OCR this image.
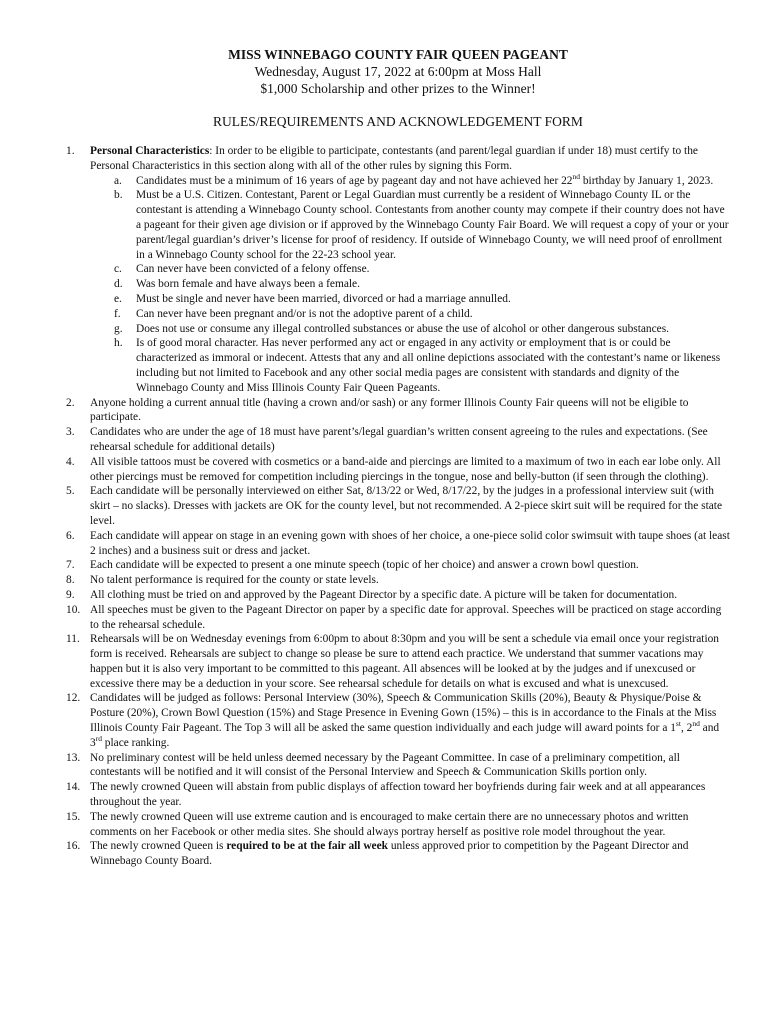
MISS WINNEBAGO COUNTY FAIR QUEEN PAGEANT

Wednesday, August 17, 2022 at 6:00pm at Moss Hall

$1,000 Scholarship and other prizes to the Winner!

RULES/REQUIREMENTS AND ACKNOWLEDGEMENT FORM

1. Personal Characteristics: In order to be eligible to participate, contestants (and parent/legal guardian if under 18) must certify to the Personal Characteristics in this section along with all of the other rules by signing this Form.
a. Candidates must be a minimum of 16 years of age by pageant day and not have achieved her 22nd birthday by January 1, 2023.
b. Must be a U.S. Citizen. Contestant, Parent or Legal Guardian must currently be a resident of Winnebago County IL or the contestant is attending a Winnebago County school. Contestants from another county may compete if their country does not have a pageant for their given age division or if approved by the Winnebago County Fair Board. We will request a copy of your or your parent/legal guardian’s driver’s license for proof of residency. If outside of Winnebago County, we will need proof of enrollment in a Winnebago County school for the 22-23 school year.
c. Can never have been convicted of a felony offense.
d. Was born female and have always been a female.
e. Must be single and never have been married, divorced or had a marriage annulled.
f. Can never have been pregnant and/or is not the adoptive parent of a child.
g. Does not use or consume any illegal controlled substances or abuse the use of alcohol or other dangerous substances.
h. Is of good moral character. Has never performed any act or engaged in any activity or employment that is or could be characterized as immoral or indecent. Attests that any and all online depictions associated with the contestant’s name or likeness including but not limited to Facebook and any other social media pages are consistent with standards and dignity of the Winnebago County and Miss Illinois County Fair Queen Pageants.
2. Anyone holding a current annual title (having a crown and/or sash) or any former Illinois County Fair queens will not be eligible to participate.
3. Candidates who are under the age of 18 must have parent’s/legal guardian’s written consent agreeing to the rules and expectations. (See rehearsal schedule for additional details)
4. All visible tattoos must be covered with cosmetics or a band-aide and piercings are limited to a maximum of two in each ear lobe only. All other piercings must be removed for competition including piercings in the tongue, nose and belly-button (if seen through the clothing).
5. Each candidate will be personally interviewed on either Sat, 8/13/22 or Wed, 8/17/22, by the judges in a professional interview suit (with skirt – no slacks). Dresses with jackets are OK for the county level, but not recommended. A 2-piece skirt suit will be required for the state level.
6. Each candidate will appear on stage in an evening gown with shoes of her choice, a one-piece solid color swimsuit with taupe shoes (at least 2 inches) and a business suit or dress and jacket.
7. Each candidate will be expected to present a one minute speech (topic of her choice) and answer a crown bowl question.
8. No talent performance is required for the county or state levels.
9. All clothing must be tried on and approved by the Pageant Director by a specific date. A picture will be taken for documentation.
10. All speeches must be given to the Pageant Director on paper by a specific date for approval. Speeches will be practiced on stage according to the rehearsal schedule.
11. Rehearsals will be on Wednesday evenings from 6:00pm to about 8:30pm and you will be sent a schedule via email once your registration form is received. Rehearsals are subject to change so please be sure to attend each practice. We understand that summer vacations may happen but it is also very important to be committed to this pageant. All absences will be looked at by the judges and if unexcused or excessive there may be a deduction in your score. See rehearsal schedule for details on what is excused and what is unexcused.
12. Candidates will be judged as follows: Personal Interview (30%), Speech & Communication Skills (20%), Beauty & Physique/Poise & Posture (20%), Crown Bowl Question (15%) and Stage Presence in Evening Gown (15%) – this is in accordance to the Finals at the Miss Illinois County Fair Pageant. The Top 3 will all be asked the same question individually and each judge will award points for a 1st, 2nd and 3rd place ranking.
13. No preliminary contest will be held unless deemed necessary by the Pageant Committee. In case of a preliminary competition, all contestants will be notified and it will consist of the Personal Interview and Speech & Communication Skills portion only.
14. The newly crowned Queen will abstain from public displays of affection toward her boyfriends during fair week and at all appearances throughout the year.
15. The newly crowned Queen will use extreme caution and is encouraged to make certain there are no unnecessary photos and written comments on her Facebook or other media sites. She should always portray herself as positive role model throughout the year.
16. The newly crowned Queen is required to be at the fair all week unless approved prior to competition by the Pageant Director and Winnebago County Board.
